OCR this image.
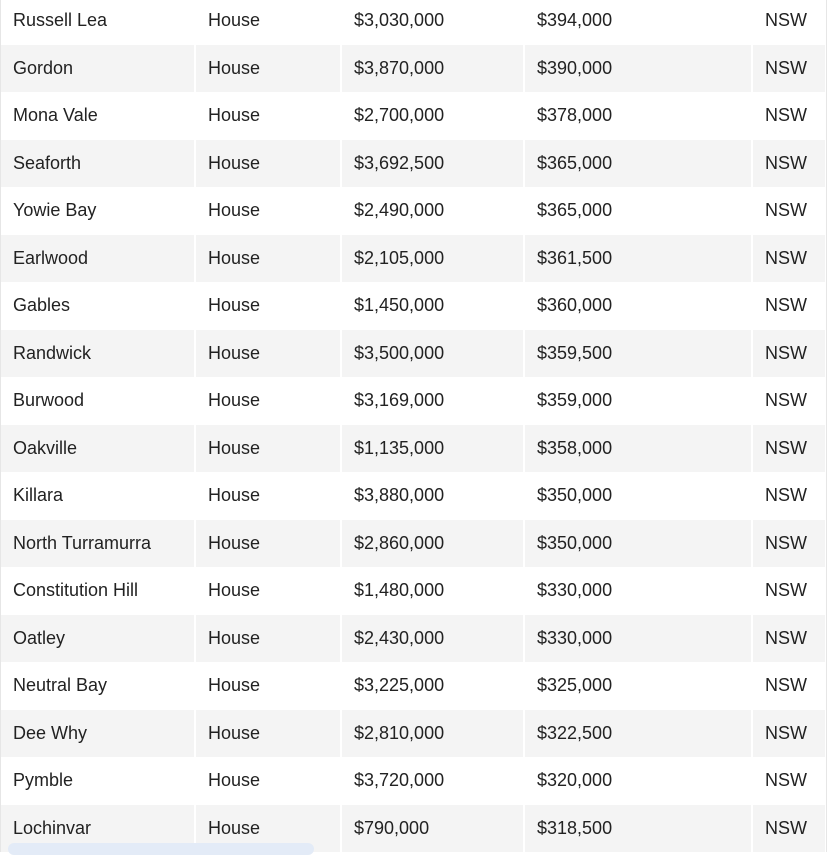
Russell Lea	House	$3,030,000	$394,000	NSW
Gordon	House	$3,870,000	$390,000	NSW
Mona Vale	House	$2,700,000	$378,000	NSW
Seaforth	House	$3,692,500	$365,000	NSW
Yowie Bay	House	$2,490,000	$365,000	NSW
Earlwood	House	$2,105,000	$361,500	NSW
Gables	House	$1,450,000	$360,000	NSW
Randwick	House	$3,500,000	$359,500	NSW
Burwood	House	$3,169,000	$359,000	NSW
Oakville	House	$1,135,000	$358,000	NSW
Killara	House	$3,880,000	$350,000	NSW
North Turramurra	House	$2,860,000	$350,000	NSW
Constitution Hill	House	$1,480,000	$330,000	NSW
Oatley	House	$2,430,000	$330,000	NSW
Neutral Bay	House	$3,225,000	$325,000	NSW
Dee Why	House	$2,810,000	$322,500	NSW
Pymble	House	$3,720,000	$320,000	NSW
Lochinvar	House	$790,000	$318,500	NSW
